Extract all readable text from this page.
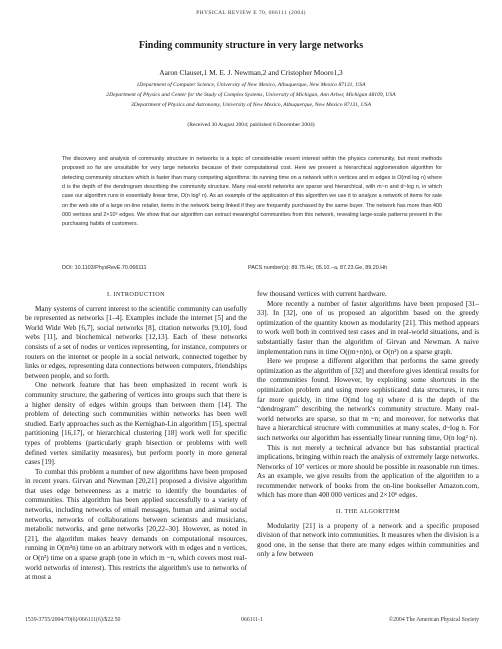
PHYSICAL REVIEW E 70, 066111 (2004)
Finding community structure in very large networks
Aaron Clauset,1 M. E. J. Newman,2 and Cristopher Moore1,3
1Department of Computer Science, University of New Mexico, Albuquerque, New Mexico 87131, USA
2Department of Physics and Center for the Study of Complex Systems, University of Michigan, Ann Arbor, Michigan 48109, USA
3Department of Physics and Astronomy, University of New Mexico, Albuquerque, New Mexico 87131, USA
(Received 30 August 2004; published 6 December 2004)
The discovery and analysis of community structure in networks is a topic of considerable recent interest within the physics community, but most methods proposed so far are unsuitable for very large networks because of their computational cost. Here we present a hierarchical agglomeration algorithm for detecting community structure which is faster than many competing algorithms: its running time on a network with n vertices and m edges is O(md log n) where d is the depth of the dendrogram describing the community structure. Many real-world networks are sparse and hierarchical, with m~n and d~log n, in which case our algorithm runs in essentially linear time, O(n log² n). As an example of the application of this algorithm we use it to analyze a network of items for sale on the web site of a large on-line retailer, items in the network being linked if they are frequently purchased by the same buyer. The network has more than 400 000 vertices and 2×10⁶ edges. We show that our algorithm can extract meaningful communities from this network, revealing large-scale patterns present in the purchasing habits of customers.
DOI: 10.1103/PhysRevE.70.066111	PACS number(s): 89.75.Hc, 05.10.−a, 87.23.Ge, 89.20.Hh
I. INTRODUCTION

Many systems of current interest to the scientific community can usefully be represented as networks [1–4]. Examples include the internet [5] and the World Wide Web [6,7], social networks [8], citation networks [9,10], food webs [11], and biochemical networks [12,13]. Each of these networks consists of a set of nodes or vertices representing, for instance, computers or routers on the internet or people in a social network, connected together by links or edges, representing data connections between computers, friendships between people, and so forth.

One network feature that has been emphasized in recent work is community structure, the gathering of vertices into groups such that there is a higher density of edges within groups than between them [14]. The problem of detecting such communities within networks has been well studied. Early approaches such as the Kernighan-Lin algorithm [15], spectral partitioning [16,17], or hierarchical clustering [18] work well for specific types of problems (particularly graph bisection or problems with well defined vertex similarity measures), but perform poorly in more general cases [19].

To combat this problem a number of new algorithms have been proposed in recent years. Girvan and Newman [20,21] proposed a divisive algorithm that uses edge betweenness as a metric to identify the boundaries of communities. This algorithm has been applied successfully to a variety of networks, including networks of email messages, human and animal social networks, networks of collaborations between scientists and musicians, metabolic networks, and gene networks [20,22–30]. However, as noted in [21], the algorithm makes heavy demands on computational resources, running in O(m²n) time on an arbitrary network with m edges and n vertices, or O(n³) time on a sparse graph (one in which m ~n, which covers most real-world networks of interest). This restricts the algorithm's use to networks of at most a

few thousand vertices with current hardware.

More recently a number of faster algorithms have been proposed [31–33]. In [32], one of us proposed an algorithm based on the greedy optimization of the quantity known as modularity [21]. This method appears to work well both in contrived test cases and in real-world situations, and is substantially faster than the algorithm of Girvan and Newman. A naive implementation runs in time O((m+n)n), or O(n²) on a sparse graph.

Here we propose a different algorithm that performs the same greedy optimization as the algorithm of [32] and therefore gives identical results for the communities found. However, by exploiting some shortcuts in the optimization problem and using more sophisticated data structures, it runs far more quickly, in time O(md log n) where d is the depth of the “dendrogram” describing the network's community structure. Many real-world networks are sparse, so that m ~n; and moreover, for networks that have a hierarchical structure with communities at many scales, d~log n. For such networks our algorithm has essentially linear running time, O(n log² n).

This is not merely a technical advance but has substantial practical implications, bringing within reach the analysis of extremely large networks. Networks of 10⁷ vertices or more should be possible in reasonable run times. As an example, we give results from the application of the algorithm to a recommender network of books from the on-line bookseller Amazon.com, which has more than 400 000 vertices and 2×10⁶ edges.

II. THE ALGORITHM

Modularity [21] is a property of a network and a specific proposed division of that network into communities. It measures when the division is a good one, in the sense that there are many edges within communities and only a few between

1539-3755/2004/70(6)/066111(6)/$22.50	066111-1	©2004 The American Physical Society
